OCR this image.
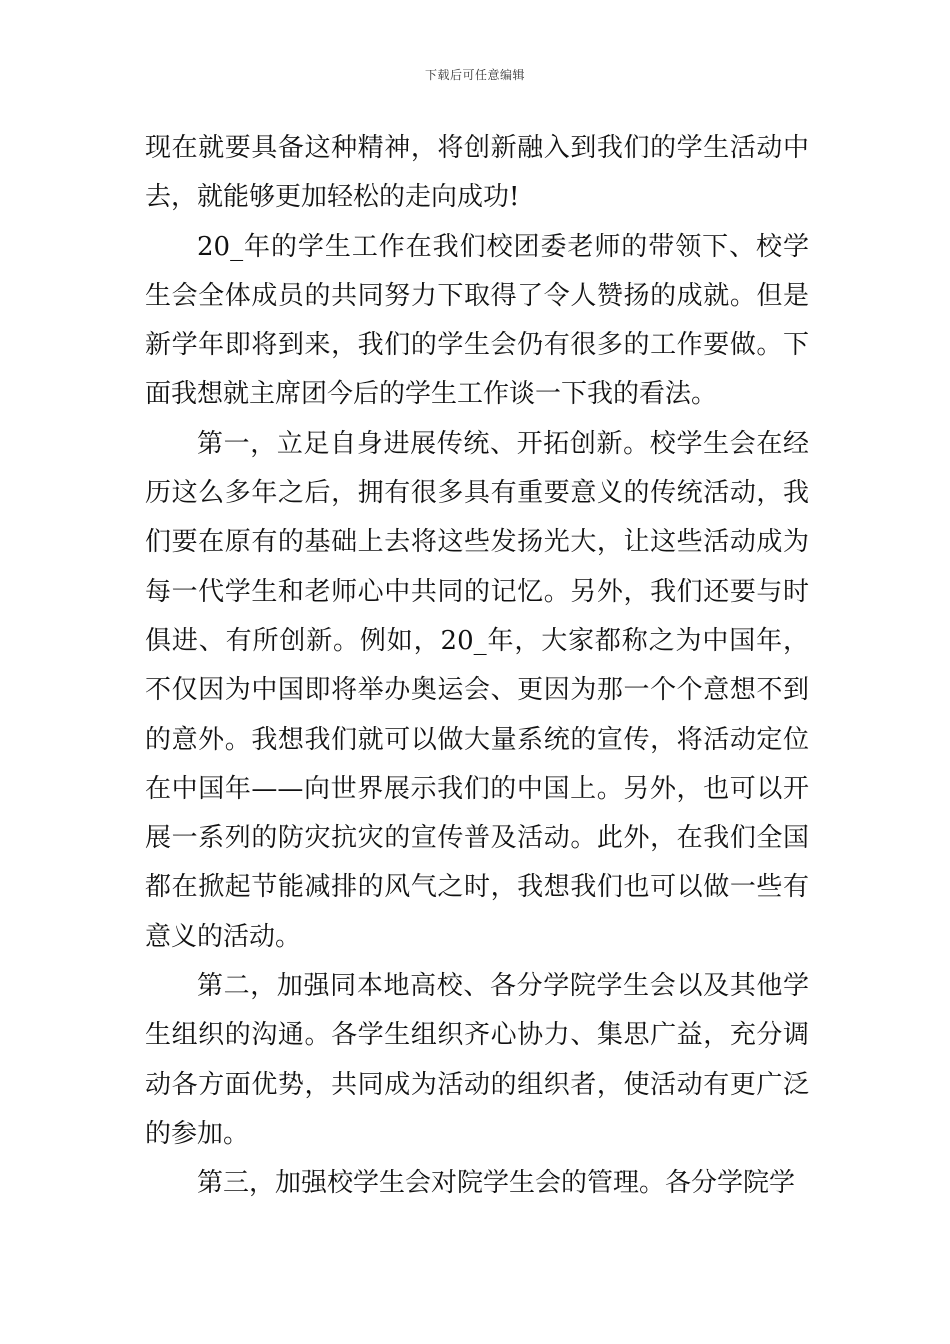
下载后可任意编辑

现在就要具备这种精神，将创新融入到我们的学生活动中去，就能够更加轻松的走向成功!

20_年的学生工作在我们校团委老师的带领下、校学生会全体成员的共同努力下取得了令人赞扬的成就。但是新学年即将到来，我们的学生会仍有很多的工作要做。下面我想就主席团今后的学生工作谈一下我的看法。

第一，立足自身进展传统、开拓创新。校学生会在经历这么多年之后，拥有很多具有重要意义的传统活动，我们要在原有的基础上去将这些发扬光大，让这些活动成为每一代学生和老师心中共同的记忆。另外，我们还要与时俱进、有所创新。例如，20_年，大家都称之为中国年，不仅因为中国即将举办奥运会、更因为那一个个意想不到的意外。我想我们就可以做大量系统的宣传，将活动定位在中国年——向世界展示我们的中国上。另外，也可以开展一系列的防灾抗灾的宣传普及活动。此外，在我们全国都在掀起节能减排的风气之时，我想我们也可以做一些有意义的活动。

第二，加强同本地高校、各分学院学生会以及其他学生组织的沟通。各学生组织齐心协力、集思广益，充分调动各方面优势，共同成为活动的组织者，使活动有更广泛的参加。

第三，加强校学生会对院学生会的管理。各分学院学
